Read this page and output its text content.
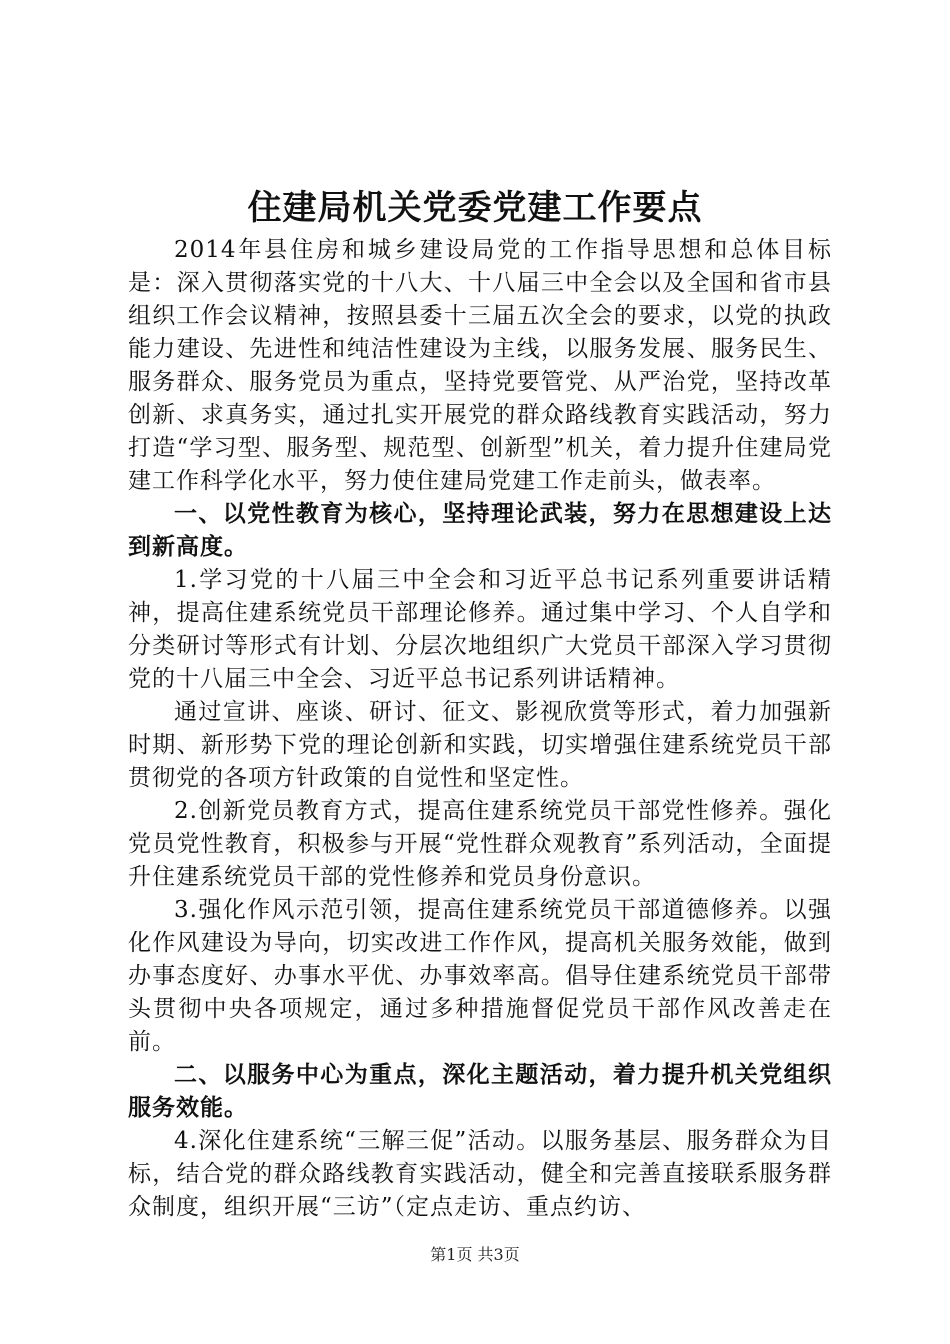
住建局机关党委党建工作要点

2014年县住房和城乡建设局党的工作指导思想和总体目标是：深入贯彻落实党的十八大、十八届三中全会以及全国和省市县组织工作会议精神，按照县委十三届五次全会的要求，以党的执政能力建设、先进性和纯洁性建设为主线，以服务发展、服务民生、服务群众、服务党员为重点，坚持党要管党、从严治党，坚持改革创新、求真务实，通过扎实开展党的群众路线教育实践活动，努力打造“学习型、服务型、规范型、创新型”机关，着力提升住建局党建工作科学化水平，努力使住建局党建工作走前头，做表率。

一、以党性教育为核心，坚持理论武装，努力在思想建设上达到新高度。

1.学习党的十八届三中全会和习近平总书记系列重要讲话精神，提高住建系统党员干部理论修养。通过集中学习、个人自学和分类研讨等形式有计划、分层次地组织广大党员干部深入学习贯彻党的十八届三中全会、习近平总书记系列讲话精神。

通过宣讲、座谈、研讨、征文、影视欣赏等形式，着力加强新时期、新形势下党的理论创新和实践，切实增强住建系统党员干部贯彻党的各项方针政策的自觉性和坚定性。

2.创新党员教育方式，提高住建系统党员干部党性修养。强化党员党性教育，积极参与开展“党性群众观教育”系列活动，全面提升住建系统党员干部的党性修养和党员身份意识。

3.强化作风示范引领，提高住建系统党员干部道德修养。以强化作风建设为导向，切实改进工作作风，提高机关服务效能，做到办事态度好、办事水平优、办事效率高。倡导住建系统党员干部带头贯彻中央各项规定，通过多种措施督促党员干部作风改善走在前。

二、以服务中心为重点，深化主题活动，着力提升机关党组织服务效能。

4.深化住建系统“三解三促”活动。以服务基层、服务群众为目标，结合党的群众路线教育实践活动，健全和完善直接联系服务群众制度，组织开展“三访”（定点走访、重点约访、

第1页 共3页
